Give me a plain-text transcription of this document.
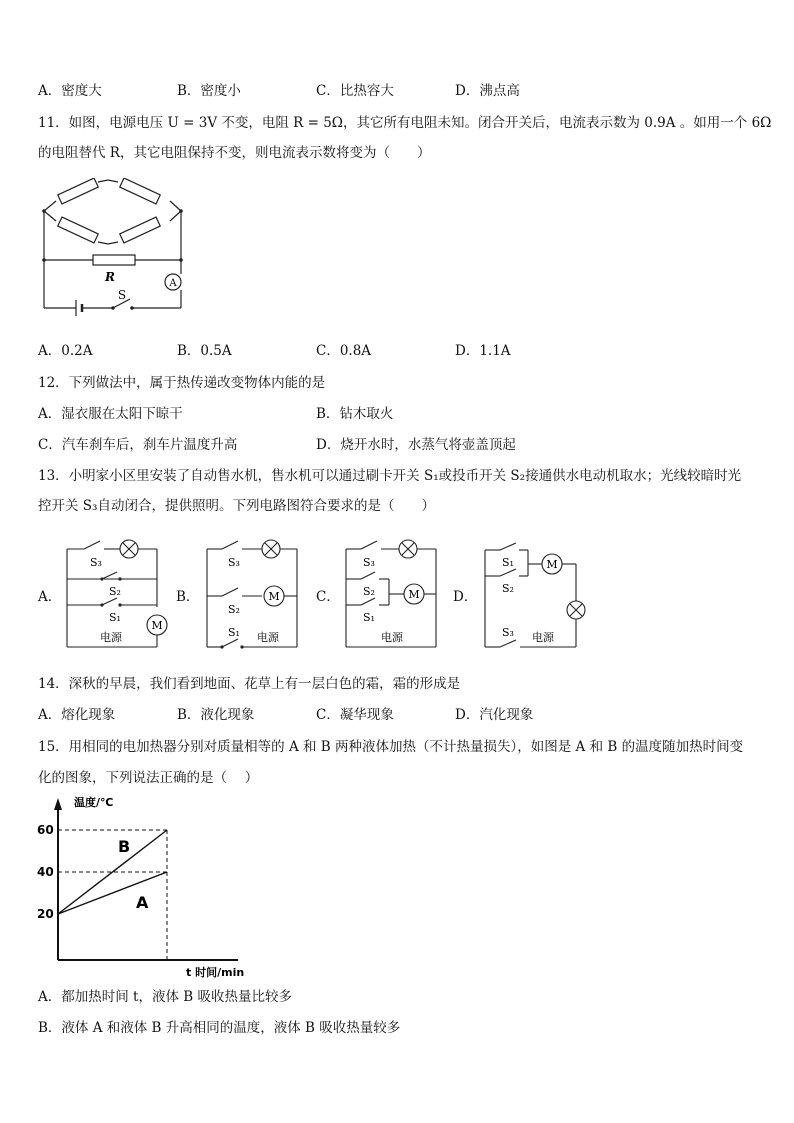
A．密度大	B．密度小	C．比热容大	D．沸点高
11．如图，电源电压 U = 3V 不变，电阻 R = 5Ω，其它所有电阻未知。闭合开关后，电流表示数为 0.9A 。如用一个 6Ω
的电阻替代 R，其它电阻保持不变，则电流表示数将变为（　　）
R
S
A
A．0.2A	B．0.5A	C．0.8A	D．1.1A
12．下列做法中，属于热传递改变物体内能的是
A．湿衣服在太阳下晾干	B．钻木取火
C．汽车刹车后，刹车片温度升高	D．烧开水时，水蒸气将壶盖顶起
13．小明家小区里安装了自动售水机，售水机可以通过刷卡开关 S₁或投币开关 S₂接通供水电动机取水；光线较暗时光
控开关 S₃自动闭合，提供照明。下列电路图符合要求的是（　　）
A．
S₃
S₂
S₁
M
电源
B．
S₃
S₂
M
S₁ 电源
C．
S₃
S₂	M
S₁
电源
D．
S₁
S₂
M
S₃ 电源
14．深秋的早晨，我们看到地面、花草上有一层白色的霜，霜的形成是
A．熔化现象	B．液化现象	C．凝华现象	D．汽化现象
15．用相同的电加热器分别对质量相等的 A 和 B 两种液体加热（不计热量损失），如图是 A 和 B 的温度随加热时间变
化的图象，下列说法正确的是（　 ）
温度/℃
60
40
20
B
A
t 时间/min
A．都加热时间 t，液体 B 吸收热量比较多
B．液体 A 和液体 B 升高相同的温度，液体 B 吸收热量较多
